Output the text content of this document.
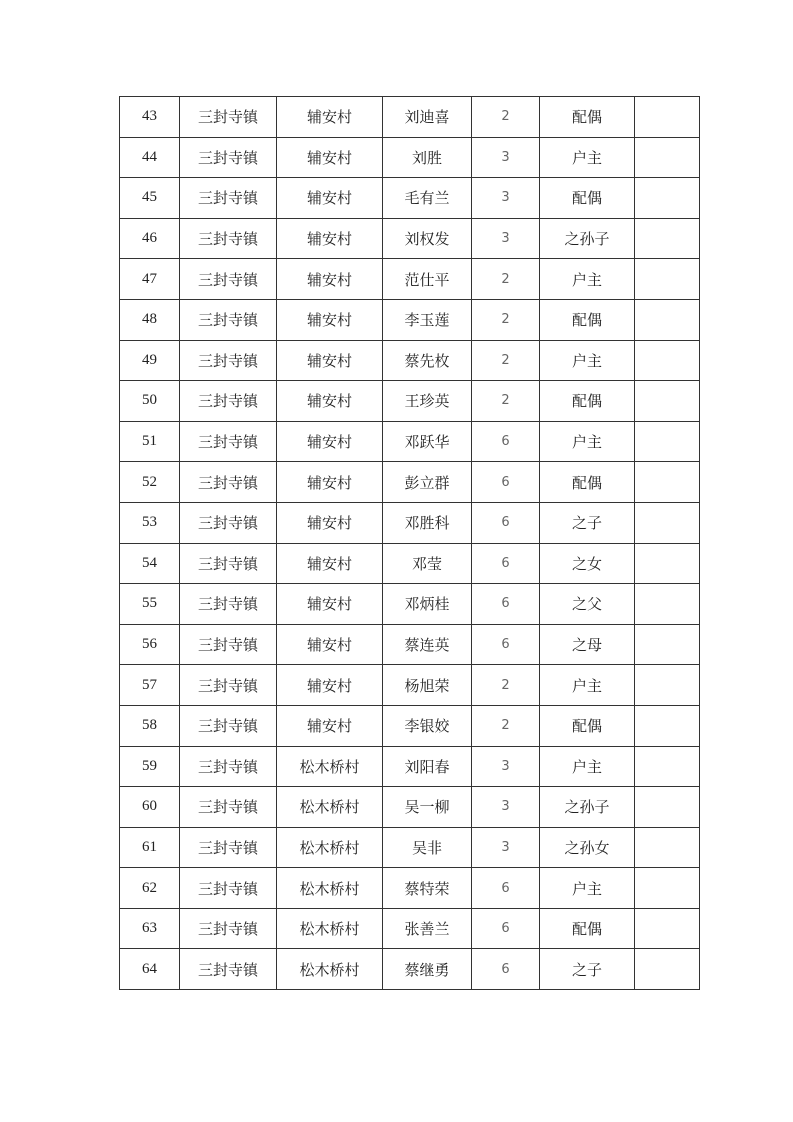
43	三封寺镇	辅安村	刘迪喜	2	配偶	
44	三封寺镇	辅安村	刘胜	3	户主	
45	三封寺镇	辅安村	毛有兰	3	配偶	
46	三封寺镇	辅安村	刘权发	3	之孙子	
47	三封寺镇	辅安村	范仕平	2	户主	
48	三封寺镇	辅安村	李玉莲	2	配偶	
49	三封寺镇	辅安村	蔡先枚	2	户主	
50	三封寺镇	辅安村	王珍英	2	配偶	
51	三封寺镇	辅安村	邓跃华	6	户主	
52	三封寺镇	辅安村	彭立群	6	配偶	
53	三封寺镇	辅安村	邓胜科	6	之子	
54	三封寺镇	辅安村	邓莹	6	之女	
55	三封寺镇	辅安村	邓炳桂	6	之父	
56	三封寺镇	辅安村	蔡连英	6	之母	
57	三封寺镇	辅安村	杨旭荣	2	户主	
58	三封寺镇	辅安村	李银姣	2	配偶	
59	三封寺镇	松木桥村	刘阳春	3	户主	
60	三封寺镇	松木桥村	吴一柳	3	之孙子	
61	三封寺镇	松木桥村	吴非	3	之孙女	
62	三封寺镇	松木桥村	蔡特荣	6	户主	
63	三封寺镇	松木桥村	张善兰	6	配偶	
64	三封寺镇	松木桥村	蔡继勇	6	之子	
